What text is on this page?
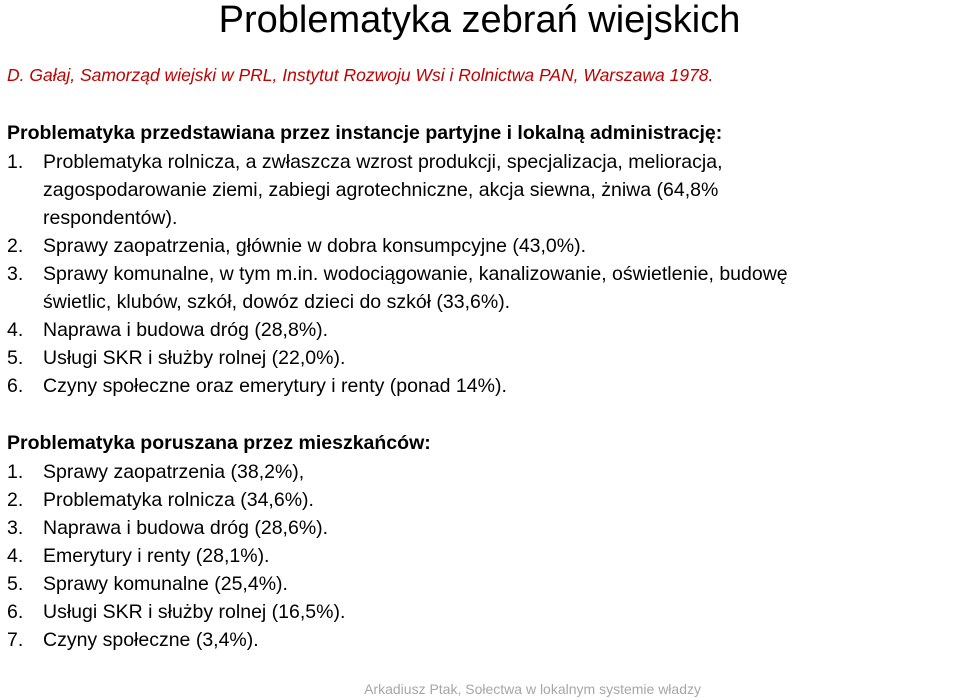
Problematyka zebrań wiejskich
D. Gałaj, Samorząd wiejski w PRL, Instytut Rozwoju Wsi i Rolnictwa PAN, Warszawa 1978.
Problematyka przedstawiana przez instancje partyjne i lokalną administrację:
1.	Problematyka rolnicza, a zwłaszcza wzrost produkcji, specjalizacja, melioracja,
zagospodarowanie ziemi, zabiegi agrotechniczne, akcja siewna, żniwa (64,8%
respondentów).
2.	Sprawy zaopatrzenia, głównie w dobra konsumpcyjne (43,0%).
3.	Sprawy komunalne, w tym m.in. wodociągowanie, kanalizowanie, oświetlenie, budowę
świetlic, klubów, szkół, dowóz dzieci do szkół (33,6%).
4.	Naprawa i budowa dróg (28,8%).
5.	Usługi SKR i służby rolnej (22,0%).
6.	Czyny społeczne oraz emerytury i renty (ponad 14%).
Problematyka poruszana przez mieszkańców:
1.	Sprawy zaopatrzenia (38,2%),
2.	Problematyka rolnicza (34,6%).
3.	Naprawa i budowa dróg (28,6%).
4.	Emerytury i renty (28,1%).
5.	Sprawy komunalne (25,4%).
6.	Usługi SKR i służby rolnej (16,5%).
7.	Czyny społeczne (3,4%).
Arkadiusz Ptak, Sołectwa w lokalnym systemie władzy
